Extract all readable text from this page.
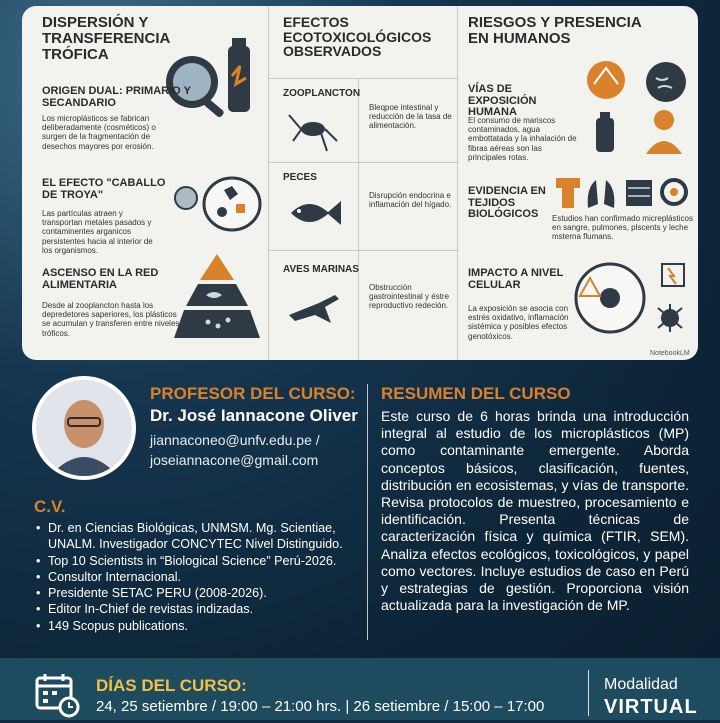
DISPERSIÓN Y TRANSFERENCIA TRÓFICA
ORIGEN DUAL: PRIMARIO Y SECANDARIO
Los microplásticos se fabrican deliberadamente (cosméticos) o surgen de la fragmentación de desechos mayores por erosión.
EL EFECTO "CABALLO DE TROYA"
Las partículas atraen y transportan metales pasados y contaminentes arganicos persistentes hacia al interior de los organismos.
ASCENSO EN LA RED ALIMENTARIA
Desde al zooplancton hasta los depredetores saperiores, los plásticos se acumulan y transferen entre niveles tróficos.
EFECTOS ECOTOXICOLÓGICOS OBSERVADOS
ZOOPLANCTON
Bleqpoe intestinal y reducción de la tasa de alimentación.
PECES
Disrupción endocrina e inflamación del hígado.
AVES MARINAS
Obstrucción gastrointestinal y éstre reproductivo redeción.
RIESGOS Y PRESENCIA EN HUMANOS
VÍAS DE EXPOSICIÓN HUMANA
El consumo de mariscos contaminados, agua embottatada y la inhalación de fibras aéreas son las principales rotas.
EVIDENCIA EN TEJIDOS BIOLÓGICOS	Estudios han confirmado micreplásticos en sangre, pulmones, plscents y leche msterna flumans.
IMPACTO A NIVEL CELULAR
La exposición se asocia con estrés oxidativo, inflamación sistémica y posibles efectos genotóxicos.
NotebookLM
PROFESOR DEL CURSO:
Dr. José Iannacone Oliver
jiannaconeo@unfv.edu.pe /
joseiannacone@gmail.com
C.V.
• Dr. en Ciencias Biológicas, UNMSM. Mg. Scientiae, UNALM. Investigador CONCYTEC Nivel Distinguido.
• Top 10 Scientists in “Biological Science” Perú-2026.
• Consultor Internacional.
• Presidente SETAC PERU (2008-2026).
• Editor In-Chief de revistas indizadas.
• 149 Scopus publications.
RESUMEN DEL CURSO
Este curso de 6 horas brinda una introducción integral al estudio de los microplásticos (MP) como contaminante emergente. Aborda conceptos básicos, clasificación, fuentes, distribución en ecosistemas, y vías de transporte. Revisa protocolos de muestreo, procesamiento e identificación. Presenta técnicas de caracterización física y química (FTIR, SEM). Analiza efectos ecológicos, toxicológicos, y papel como vectores. Incluye estudios de caso en Perú y estrategias de gestión. Proporciona visión actualizada para la investigación de MP.
DÍAS DEL CURSO:
24, 25 setiembre / 19:00 – 21:00 hrs. | 26 setiembre / 15:00 – 17:00
Modalidad
VIRTUAL
